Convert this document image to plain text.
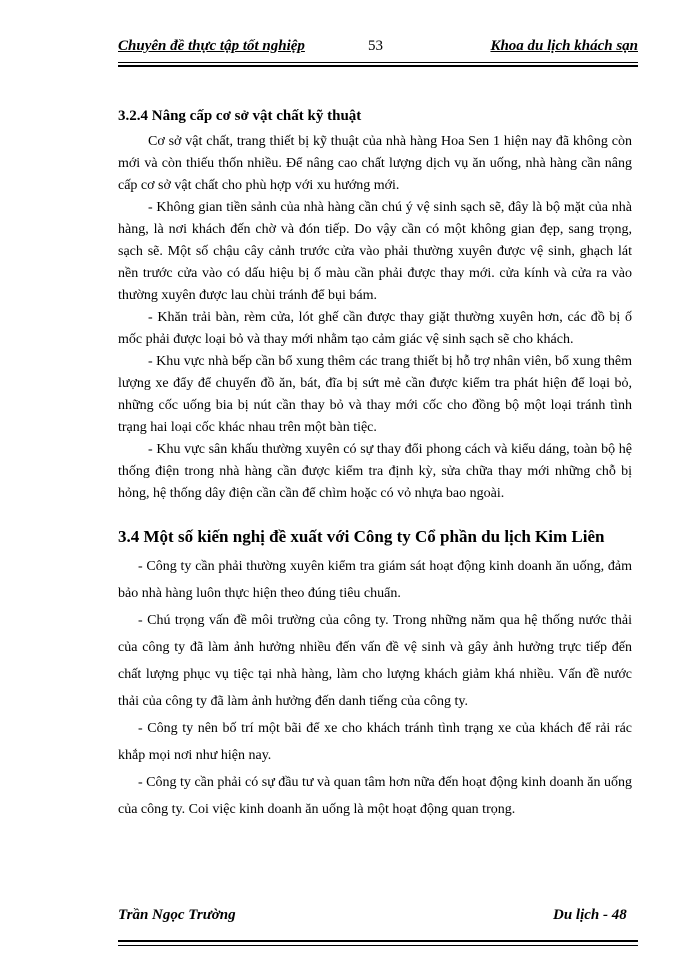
Chuyên đề thực tập tốt nghiệp	53	Khoa du lịch khách sạn
3.2.4 Nâng cấp cơ sở vật chất kỹ thuật

Cơ sở vật chất, trang thiết bị kỹ thuật của nhà hàng Hoa Sen 1 hiện nay đã không còn mới và còn thiếu thốn nhiều. Để nâng cao chất lượng dịch vụ ăn uống, nhà hàng cần nâng cấp cơ sở vật chất cho phù hợp với xu hướng mới.

- Không gian tiền sảnh của nhà hàng cần chú ý vệ sinh sạch sẽ, đây là bộ mặt của nhà hàng, là nơi khách đến chờ và đón tiếp. Do vậy cần có một không gian đẹp, sang trọng, sạch sẽ. Một số chậu cây cảnh trước cửa vào phải thường xuyên được vệ sinh, ghạch lát nền trước cửa vào có dấu hiệu bị ố màu cần phải được thay mới. cửa kính và cửa ra vào thường xuyên được lau chùi tránh để bụi bám.

- Khăn trải bàn, rèm cửa, lót ghế cần được thay giặt thường xuyên hơn, các đồ bị ố mốc phải được loại bỏ và thay mới nhằm tạo cảm giác vệ sinh sạch sẽ cho khách.

- Khu vực nhà bếp cần bổ xung thêm các trang thiết bị hỗ trợ nhân viên, bổ xung thêm lượng xe đẩy để chuyển đồ ăn, bát, đĩa bị sứt mẻ cần được kiểm tra phát hiện để loại bỏ, những cốc uống bia bị nút cần thay bỏ và thay mới cốc cho đồng bộ một loại tránh tình trạng hai loại cốc khác nhau trên một bàn tiệc.

- Khu vực sân khấu thường xuyên có sự thay đổi phong cách và kiểu dáng, toàn bộ hệ thống điện trong nhà hàng cần được kiểm tra định kỳ, sửa chữa thay mới những chỗ bị hỏng, hệ thống dây điện cần cần để chìm hoặc có vỏ nhựa bao ngoài.

3.4 Một số kiến nghị đề xuất với Công ty Cổ phần du lịch Kim Liên

- Công ty cần phải thường xuyên kiểm tra giám sát hoạt động kinh doanh ăn uống, đảm bảo nhà hàng luôn thực hiện theo đúng tiêu chuẩn.

- Chú trọng vấn đề môi trường của công ty. Trong những năm qua hệ thống nước thải của công ty đã làm ảnh hưởng nhiều đến vấn đề vệ sinh và gây ảnh hưởng trực tiếp đến chất lượng phục vụ tiệc tại nhà hàng, làm cho lượng khách giảm khá nhiều. Vấn đề nước thải của công ty đã làm ảnh hưởng đến danh tiếng của công ty.

- Công ty nên bố trí một bãi để xe cho khách tránh tình trạng xe của khách để rải rác khắp mọi nơi như hiện nay.

- Công ty cần phải có sự đầu tư và quan tâm hơn nữa đến hoạt động kinh doanh ăn uống của công ty. Coi việc kinh doanh ăn uống là một hoạt động quan trọng.

Trần Ngọc Trường	Du lịch - 48
